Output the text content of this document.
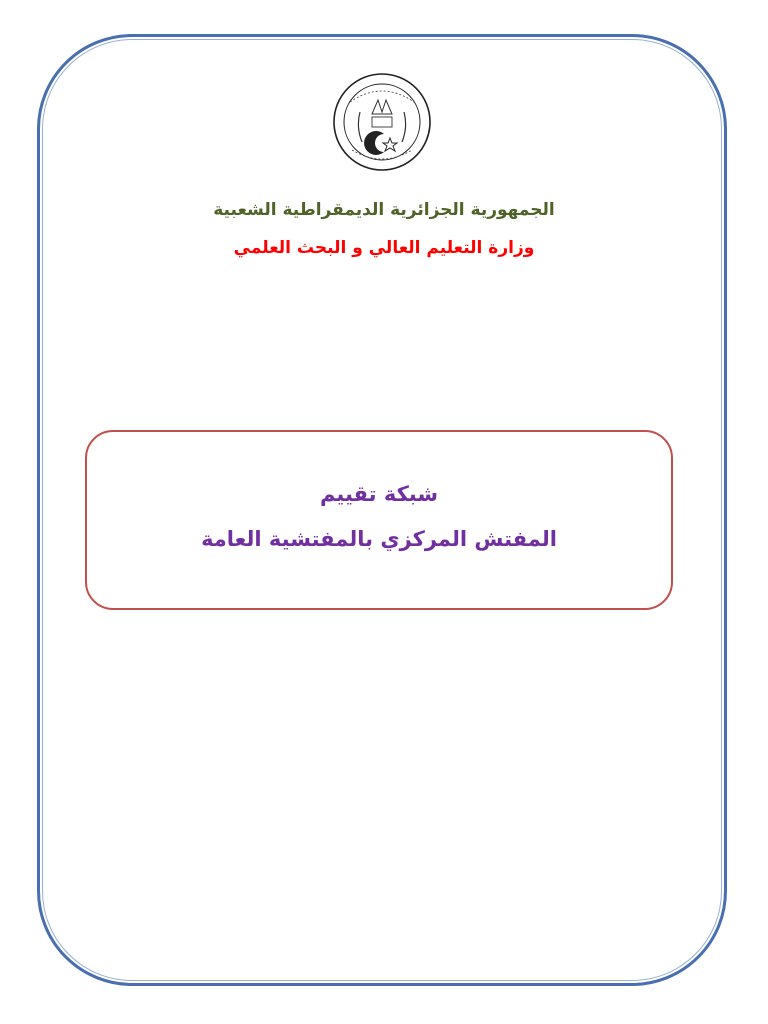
الجمهورية الجزائرية الديمقراطية الشعبية
وزارة التعليم العالي و البحث العلمي
شبكة تقييم
المفتش المركزي بالمفتشية العامة
